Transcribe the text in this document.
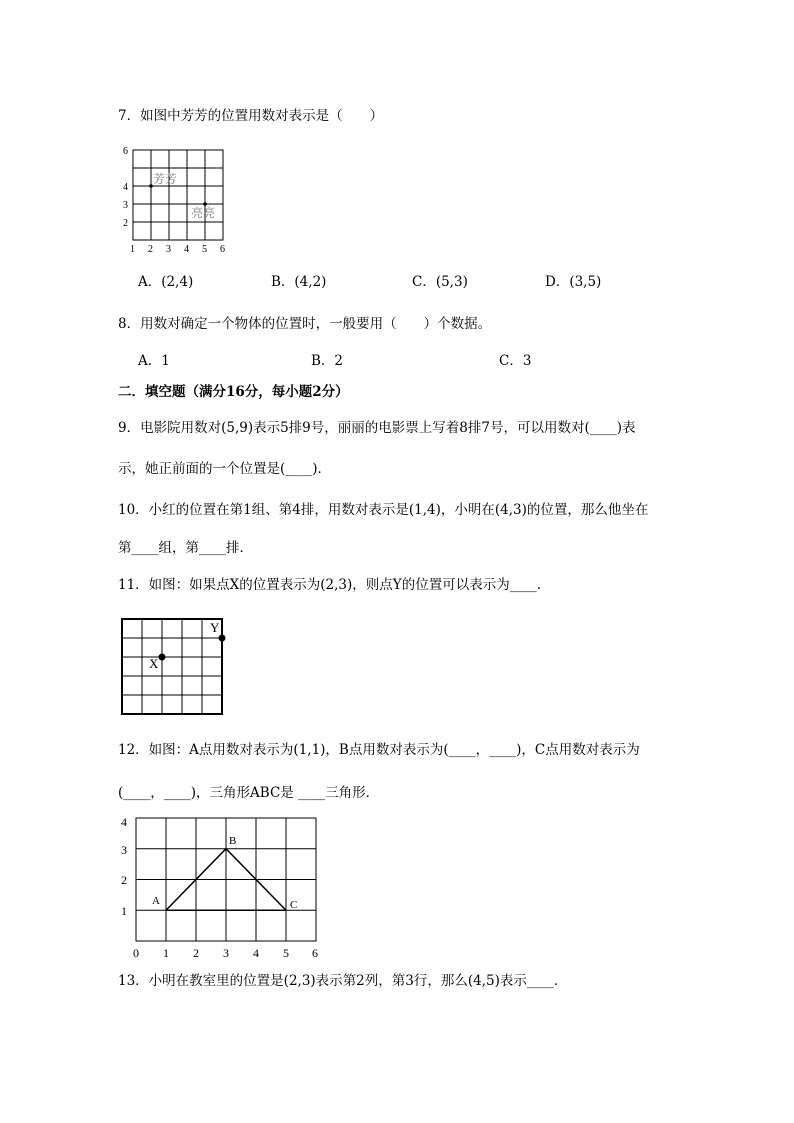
7．如图中芳芳的位置用数对表示是（　　）
6
4
3
2
1 2 3 4 5 6
芳芳
亮亮
A．(2,4)	B．(4,2)	C．(5,3)	D．(3,5)
8．用数对确定一个物体的位置时，一般要用（　　）个数据。
A．1	B．2	C．3
二．填空题（满分16分，每小题2分）
9．电影院用数对(5,9)表示5排9号，丽丽的电影票上写着8排7号，可以用数对(____)表
示，她正前面的一个位置是(____)．
10．小红的位置在第1组、第4排，用数对表示是(1,4)，小明在(4,3)的位置，那么他坐在
第____组，第____排．
11．如图：如果点X的位置表示为(2,3)，则点Y的位置可以表示为____．
X
Y
12．如图：A点用数对表示为(1,1)，B点用数对表示为(____，____)，C点用数对表示为
(____，____)，三角形ABC是 ____三角形．
4
3
2
1
0 1 2 3 4 5 6
A
B
C
13．小明在教室里的位置是(2,3)表示第2列，第3行，那么(4,5)表示____．
